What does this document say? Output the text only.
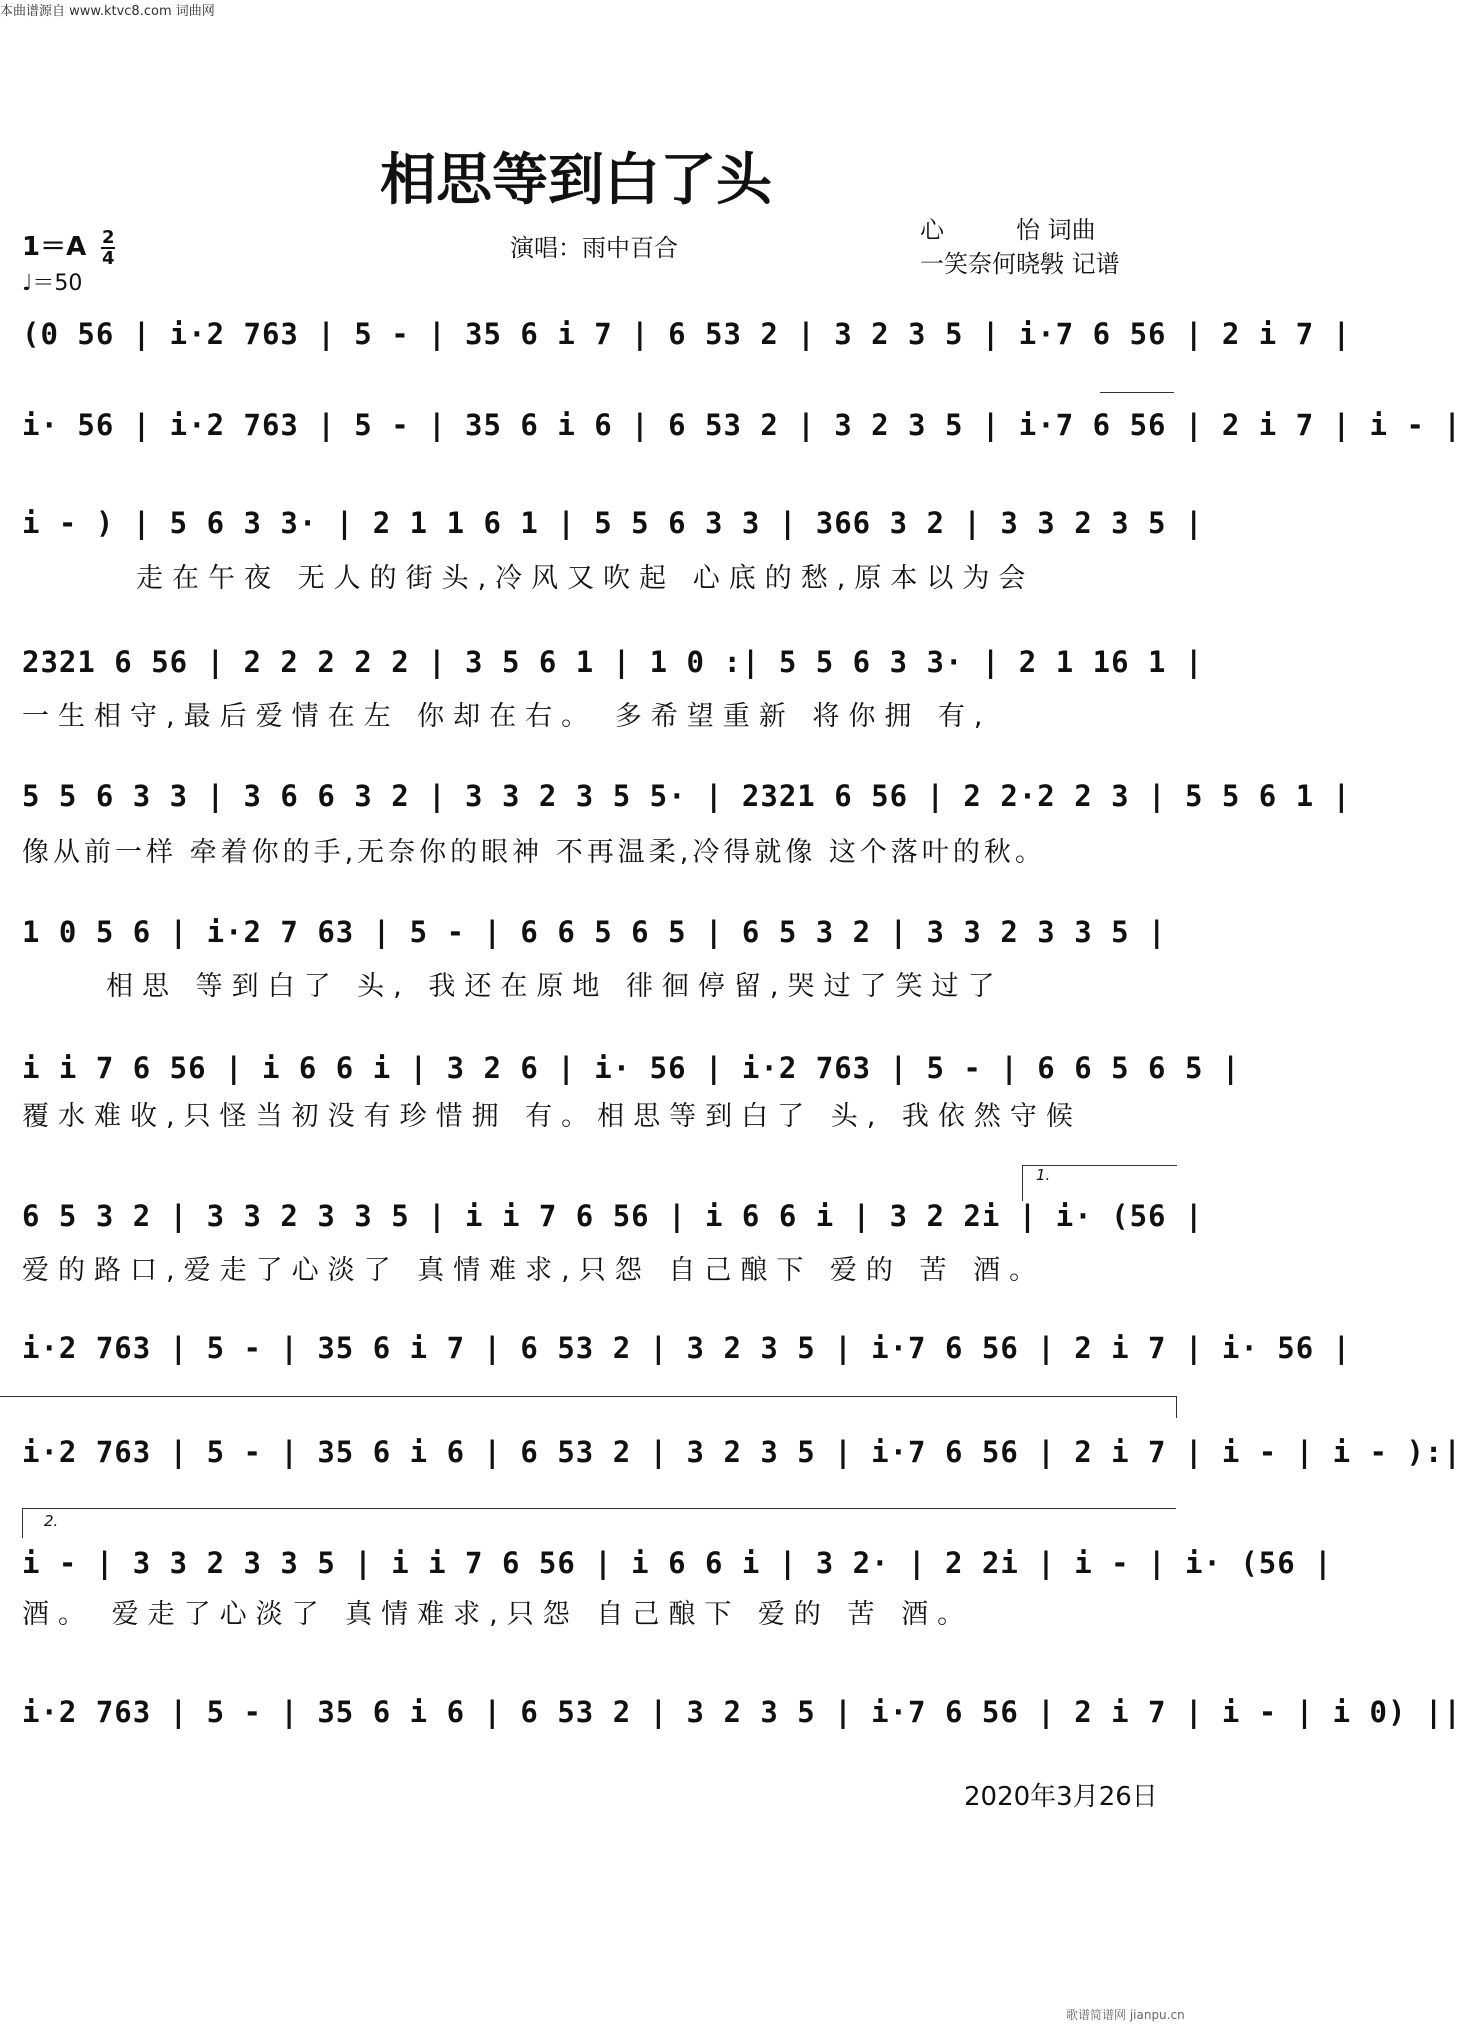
本曲谱源自 www.ktvc8.com 词曲网
相思等到白了头
$1=A \frac{2}{4}$
♩＝50
演唱：雨中百合
心　　　怡 词曲
一笑奈何晓斅 记谱
(0 56 | i·2 763 | 5 - | 35 6 i 7 | 6 53 2 | 3 2 3 5 | i·7 6 56 | 2 i 7 |
i· 56 | i·2 763 | 5 - | 35 6 i 6 | 6 53 2 | 3 2 3 5 | i·7 6 56 | 2 i 7 | i - |
i - ) | 5 6 3 3· | 2 1 1 6 1 | 5 5 6 3 3 | 366 3 2 | 3 3 2 3 5 |
走在午夜 无人的街头,冷风又吹起 心底的愁,原本以为会
2321 6 56 | 2 2 2 2 2 | 3 5 6 1 | 1 0 :| 5 5 6 3 3· | 2 1 16 1 |
一生相守,最后爱情在左 你却在右。 多希望重新 将你拥 有,
5 5 6 3 3 | 3 6 6 3 2 | 3 3 2 3 5 5· | 2321 6 56 | 2 2·2 2 3 | 5 5 6 1 |
像从前一样 牵着你的手,无奈你的眼神 不再温柔,冷得就像 这个落叶的秋。
1 0 5 6 | i·2 7 63 | 5 - | 6 6 5 6 5 | 6 5 3 2 | 3 3 2 3 3 5 |
相思 等到白了 头, 我还在原地 徘徊停留,哭过了笑过了
i i 7 6 56 | i 6 6 i | 3 2 6 | i· 56 | i·2 763 | 5 - | 6 6 5 6 5 |
覆水难收,只怪当初没有珍惜拥 有。相思等到白了 头, 我依然守候
1.
6 5 3 2 | 3 3 2 3 3 5 | i i 7 6 56 | i 6 6 i | 3 2 2i | i· (56 |
爱的路口,爱走了心淡了 真情难求,只怨 自己酿下 爱的 苦 酒。
i·2 763 | 5 - | 35 6 i 7 | 6 53 2 | 3 2 3 5 | i·7 6 56 | 2 i 7 | i· 56 |
i·2 763 | 5 - | 35 6 i 6 | 6 53 2 | 3 2 3 5 | i·7 6 56 | 2 i 7 | i - | i - ):|
2.
i - | 3 3 2 3 3 5 | i i 7 6 56 | i 6 6 i | 3 2· | 2 2i | i - | i· (56 |
酒。 爱走了心淡了 真情难求,只怨 自己酿下 爱的 苦 酒。
i·2 763 | 5 - | 35 6 i 6 | 6 53 2 | 3 2 3 5 | i·7 6 56 | 2 i 7 | i - | i 0) ||
2020年3月26日
歌谱简谱网 jianpu.cn
